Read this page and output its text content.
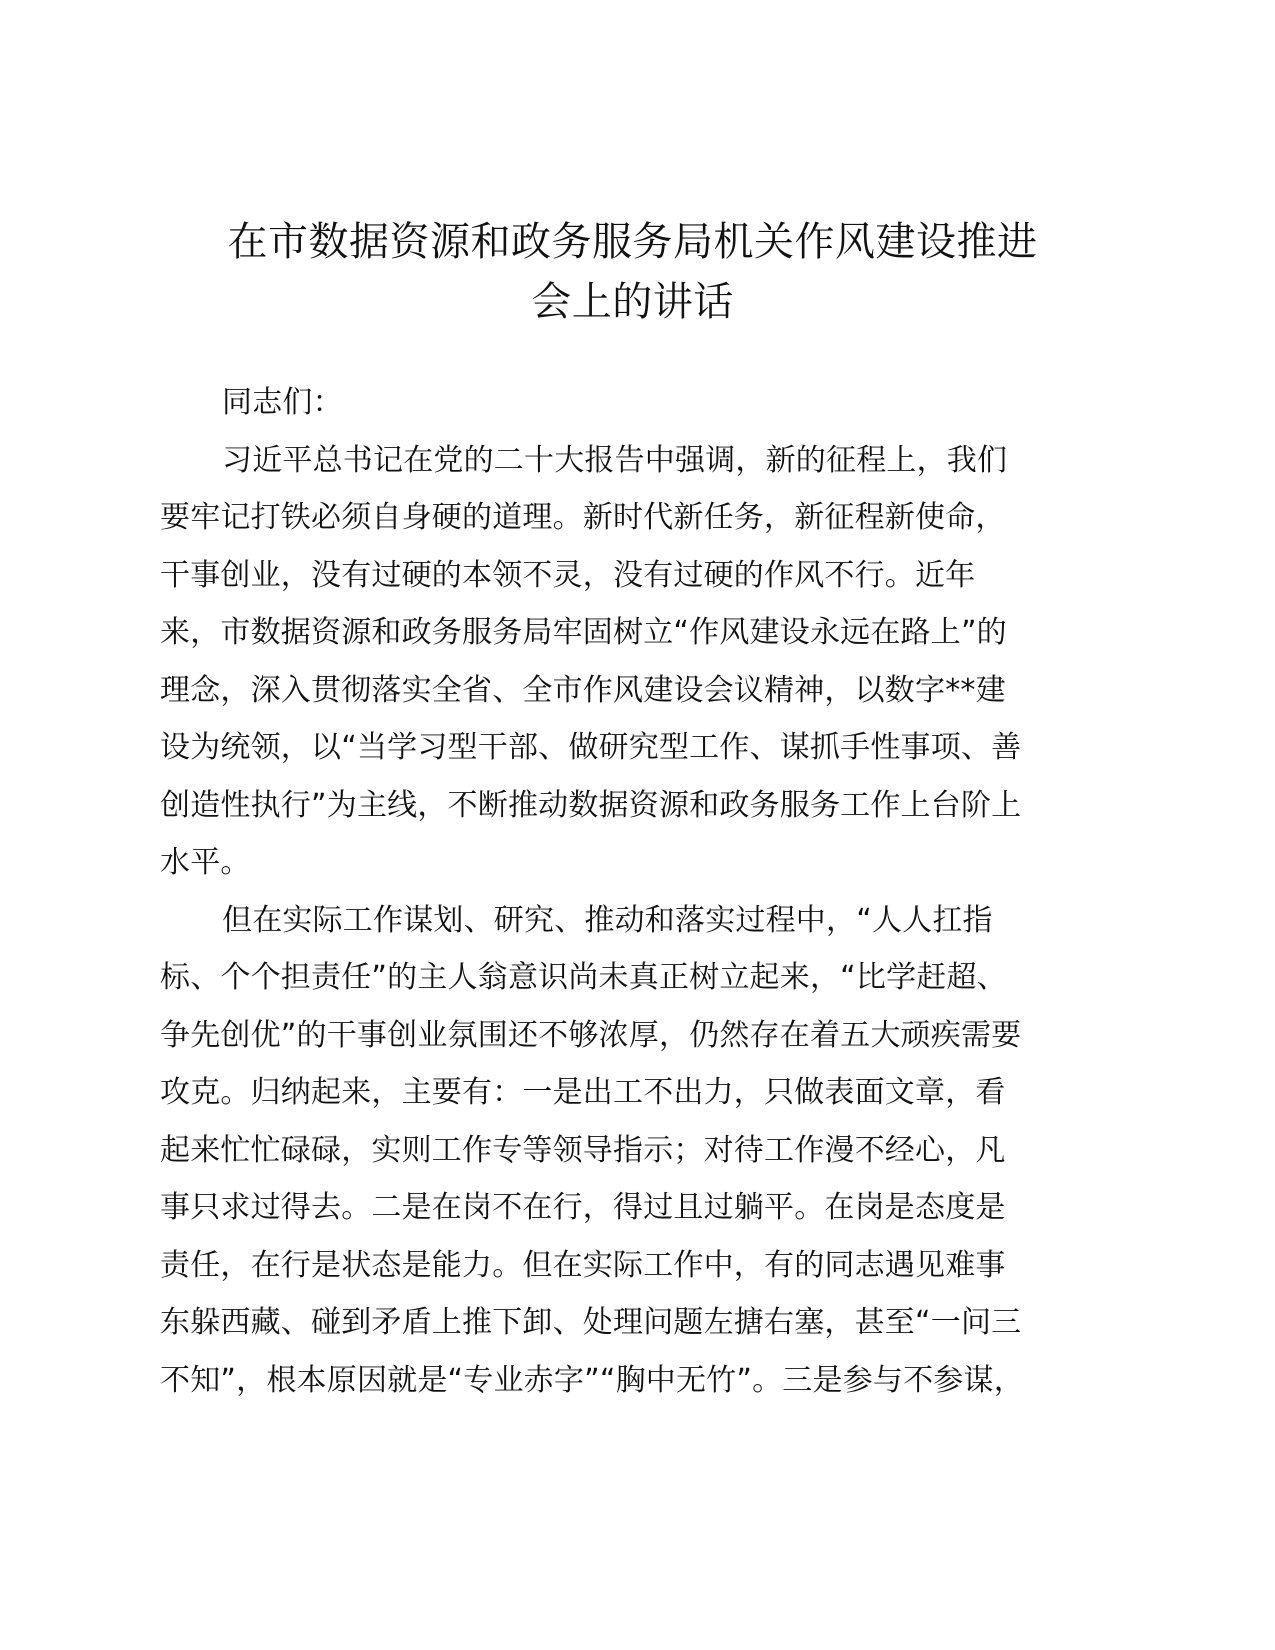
在市数据资源和政务服务局机关作风建设推进
会上的讲话
同志们：
习近平总书记在党的二十大报告中强调，新的征程上，我们
要牢记打铁必须自身硬的道理。新时代新任务，新征程新使命，
干事创业，没有过硬的本领不灵，没有过硬的作风不行。近年
来，市数据资源和政务服务局牢固树立“作风建设永远在路上”的
理念，深入贯彻落实全省、全市作风建设会议精神，以数字**建
设为统领，以“当学习型干部、做研究型工作、谋抓手性事项、善
创造性执行”为主线，不断推动数据资源和政务服务工作上台阶上
水平。
但在实际工作谋划、研究、推动和落实过程中，“人人扛指
标、个个担责任”的主人翁意识尚未真正树立起来，“比学赶超、
争先创优”的干事创业氛围还不够浓厚，仍然存在着五大顽疾需要
攻克。归纳起来，主要有：一是出工不出力，只做表面文章，看
起来忙忙碌碌，实则工作专等领导指示；对待工作漫不经心，凡
事只求过得去。二是在岗不在行，得过且过躺平。在岗是态度是
责任，在行是状态是能力。但在实际工作中，有的同志遇见难事
东躲西藏、碰到矛盾上推下卸、处理问题左搪右塞，甚至“一问三
不知”，根本原因就是“专业赤字”“胸中无竹”。三是参与不参谋，
